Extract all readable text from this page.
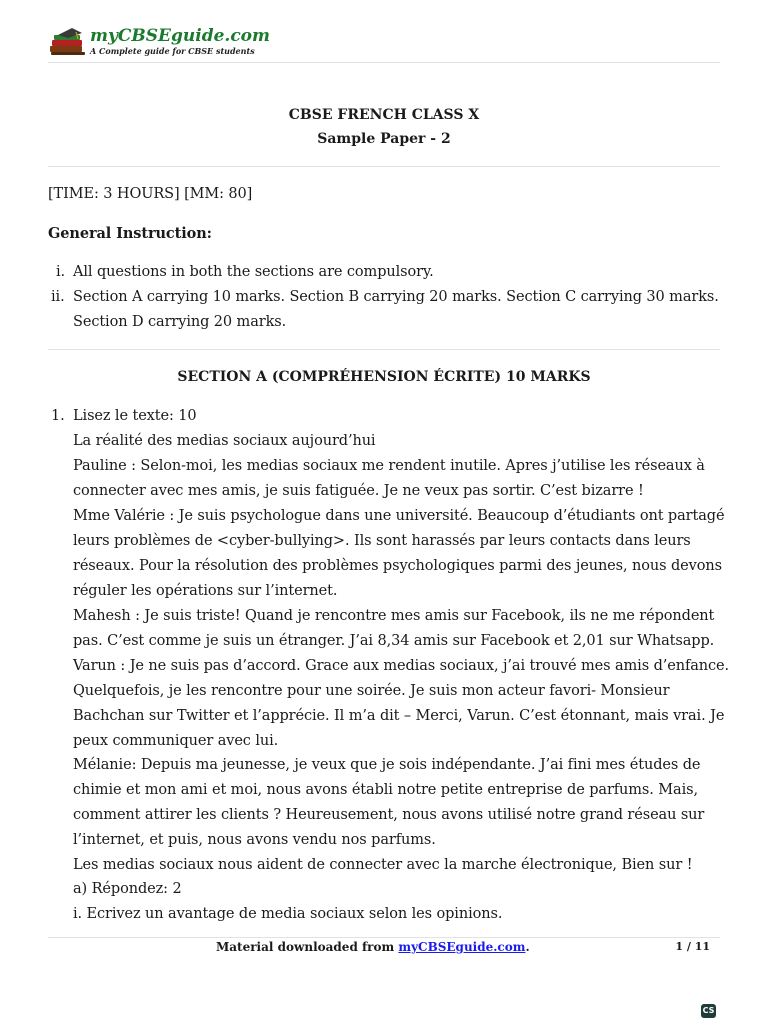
myCBSEguide.com
A Complete guide for CBSE students
CBSE FRENCH CLASS X
Sample Paper - 2
[TIME: 3 HOURS] [MM: 80]
General Instruction:
i. All questions in both the sections are compulsory.
ii. Section A carrying 10 marks. Section B carrying 20 marks. Section C carrying 30 marks.
Section D carrying 20 marks.
SECTION A (COMPRÉHENSION ÉCRITE) 10 MARKS
1. Lisez le texte: 10
La réalité des medias sociaux aujourd’hui
Pauline : Selon-moi, les medias sociaux me rendent inutile. Apres j’utilise les réseaux à
connecter avec mes amis, je suis fatiguée. Je ne veux pas sortir. C’est bizarre !
Mme Valérie : Je suis psychologue dans une université. Beaucoup d’étudiants ont partagé
leurs problèmes de <cyber-bullying>. Ils sont harassés par leurs contacts dans leurs
réseaux. Pour la résolution des problèmes psychologiques parmi des jeunes, nous devons
réguler les opérations sur l’internet.
Mahesh : Je suis triste! Quand je rencontre mes amis sur Facebook, ils ne me répondent
pas. C’est comme je suis un étranger. J’ai 8,34 amis sur Facebook et 2,01 sur Whatsapp.
Varun : Je ne suis pas d’accord. Grace aux medias sociaux, j’ai trouvé mes amis d’enfance.
Quelquefois, je les rencontre pour une soirée. Je suis mon acteur favori- Monsieur
Bachchan sur Twitter et l’apprécie. Il m’a dit – Merci, Varun. C’est étonnant, mais vrai. Je
peux communiquer avec lui.
Mélanie: Depuis ma jeunesse, je veux que je sois indépendante. J’ai fini mes études de
chimie et mon ami et moi, nous avons établi notre petite entreprise de parfums. Mais,
comment attirer les clients ? Heureusement, nous avons utilisé notre grand réseau sur
l’internet, et puis, nous avons vendu nos parfums.
Les medias sociaux nous aident de connecter avec la marche électronique, Bien sur !
a) Répondez: 2
i. Ecrivez un avantage de media sociaux selon les opinions.
Material downloaded from myCBSEguide.com.	1 / 11
CS
